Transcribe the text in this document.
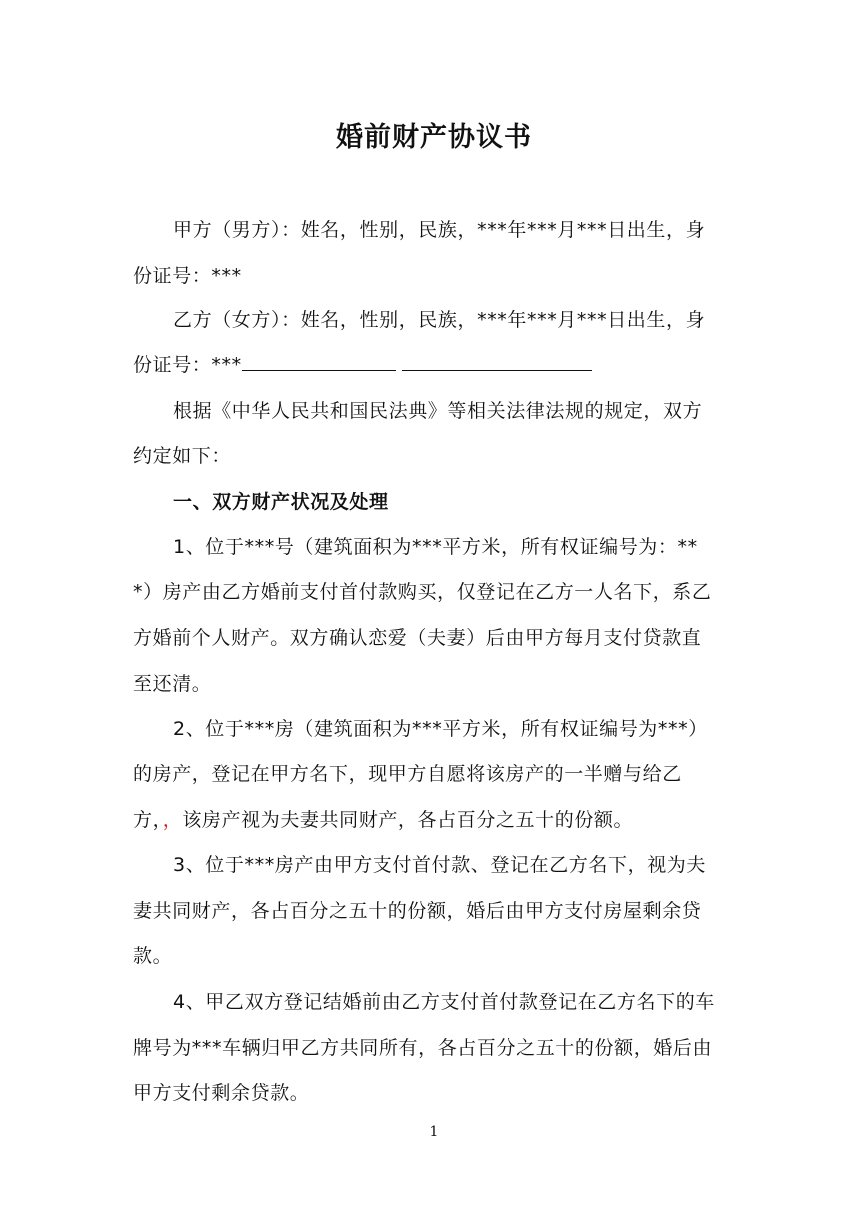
婚前财产协议书
甲方（男方）：姓名，性别，民族，***年***月***日出生，身
份证号：***
乙方（女方）：姓名，性别，民族，***年***月***日出生，身
份证号：***
根据《中华人民共和国民法典》等相关法律法规的规定，双方
约定如下：
一、双方财产状况及处理
1、位于***号（建筑面积为***平方米，所有权证编号为：**
*）房产由乙方婚前支付首付款购买，仅登记在乙方一人名下，系乙
方婚前个人财产。双方确认恋爱（夫妻）后由甲方每月支付贷款直
至还清。
2、位于***房（建筑面积为***平方米，所有权证编号为***）
的房产，登记在甲方名下，现甲方自愿将该房产的一半赠与给乙
方，，该房产视为夫妻共同财产，各占百分之五十的份额。
3、位于***房产由甲方支付首付款、登记在乙方名下，视为夫
妻共同财产，各占百分之五十的份额，婚后由甲方支付房屋剩余贷
款。
4、甲乙双方登记结婚前由乙方支付首付款登记在乙方名下的车
牌号为***车辆归甲乙方共同所有，各占百分之五十的份额，婚后由
甲方支付剩余贷款。
1
